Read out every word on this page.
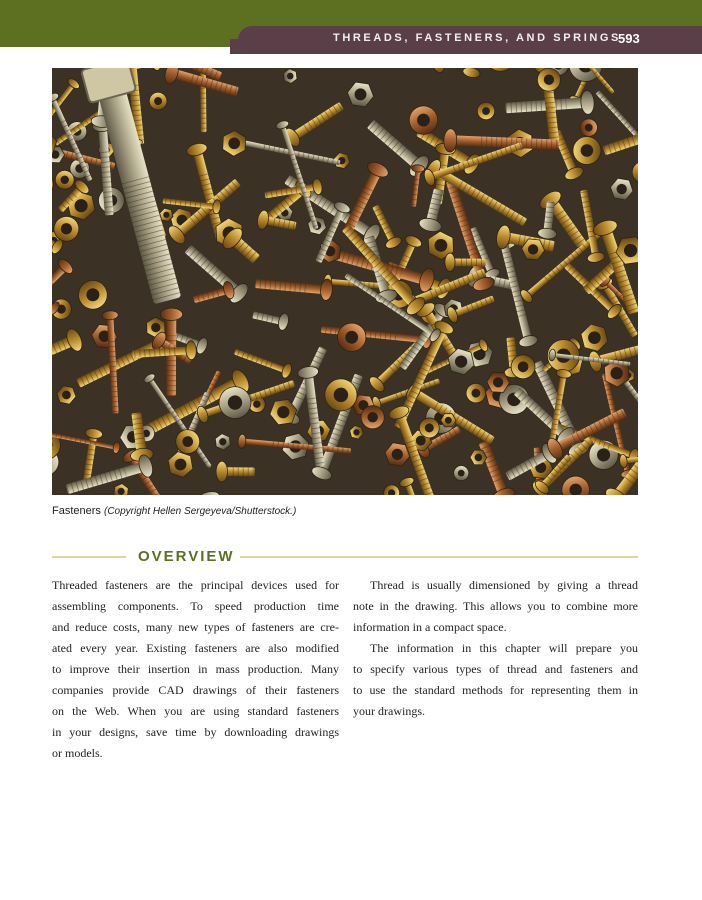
THREADS, FASTENERS, AND SPRINGS
593
Fasteners (Copyright Hellen Sergeyeva/Shutterstock.)
OVERVIEW
Threaded fasteners are the principal devices used for
assembling components. To speed production time
and reduce costs, many new types of fasteners are cre-
ated every year. Existing fasteners are also modified
to improve their insertion in mass production. Many
companies provide CAD drawings of their fasteners
on the Web. When you are using standard fasteners
in your designs, save time by downloading drawings
or models.
Thread is usually dimensioned by giving a thread
note in the drawing. This allows you to combine more
information in a compact space.
The information in this chapter will prepare you
to specify various types of thread and fasteners and
to use the standard methods for representing them in
your drawings.
